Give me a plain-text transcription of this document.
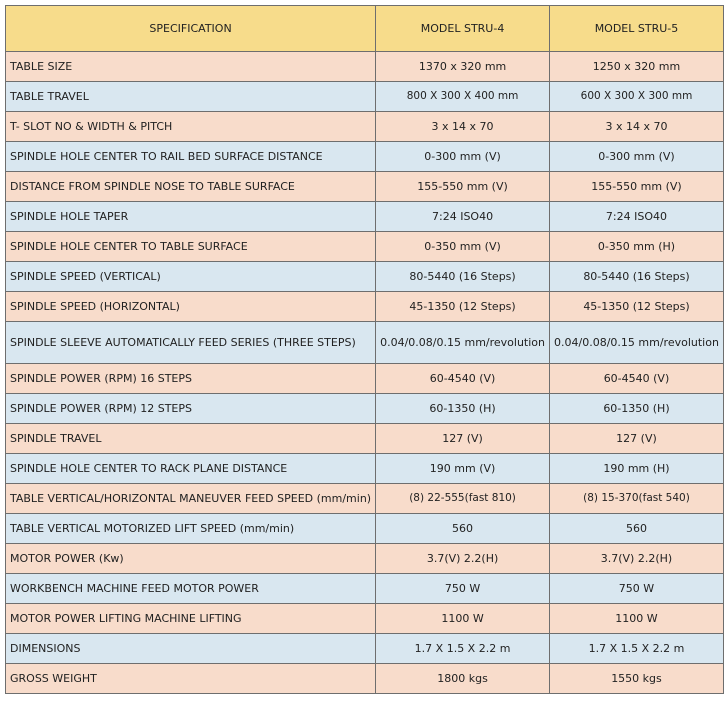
SPECIFICATION	MODEL STRU-4	MODEL STRU-5
TABLE SIZE	1370 x 320 mm	1250 x 320 mm
TABLE TRAVEL	800 X 300 X 400 mm	600 X 300 X 300 mm
T- SLOT NO & WIDTH & PITCH	3 x 14 x 70	3 x 14 x 70
SPINDLE HOLE CENTER TO RAIL BED SURFACE DISTANCE	0-300 mm (V)	0-300 mm (V)
DISTANCE FROM SPINDLE NOSE TO TABLE SURFACE	155-550 mm (V)	155-550 mm (V)
SPINDLE HOLE TAPER	7:24 ISO40	7:24 ISO40
SPINDLE HOLE CENTER TO TABLE SURFACE	0-350 mm (V)	0-350 mm (H)
SPINDLE SPEED (VERTICAL)	80-5440 (16 Steps)	80-5440 (16 Steps)
SPINDLE SPEED (HORIZONTAL)	45-1350 (12 Steps)	45-1350 (12 Steps)
SPINDLE SLEEVE AUTOMATICALLY FEED SERIES (THREE STEPS)	0.04/0.08/0.15 mm/revolution	0.04/0.08/0.15 mm/revolution
SPINDLE POWER (RPM) 16 STEPS	60-4540 (V)	60-4540 (V)
SPINDLE POWER (RPM) 12 STEPS	60-1350 (H)	60-1350 (H)
SPINDLE TRAVEL	127 (V)	127 (V)
SPINDLE HOLE CENTER TO RACK PLANE DISTANCE	190 mm (V)	190 mm (H)
TABLE VERTICAL/HORIZONTAL MANEUVER FEED SPEED (mm/min)	(8) 22-555(fast 810)	(8) 15-370(fast 540)
TABLE VERTICAL MOTORIZED LIFT SPEED (mm/min)	560	560
MOTOR POWER (Kw)	3.7(V) 2.2(H)	3.7(V) 2.2(H)
WORKBENCH MACHINE FEED MOTOR POWER	750 W	750 W
MOTOR POWER LIFTING MACHINE LIFTING	1100 W	1100 W
DIMENSIONS	1.7 X 1.5 X 2.2 m	1.7 X 1.5 X 2.2 m
GROSS WEIGHT	1800 kgs	1550 kgs
